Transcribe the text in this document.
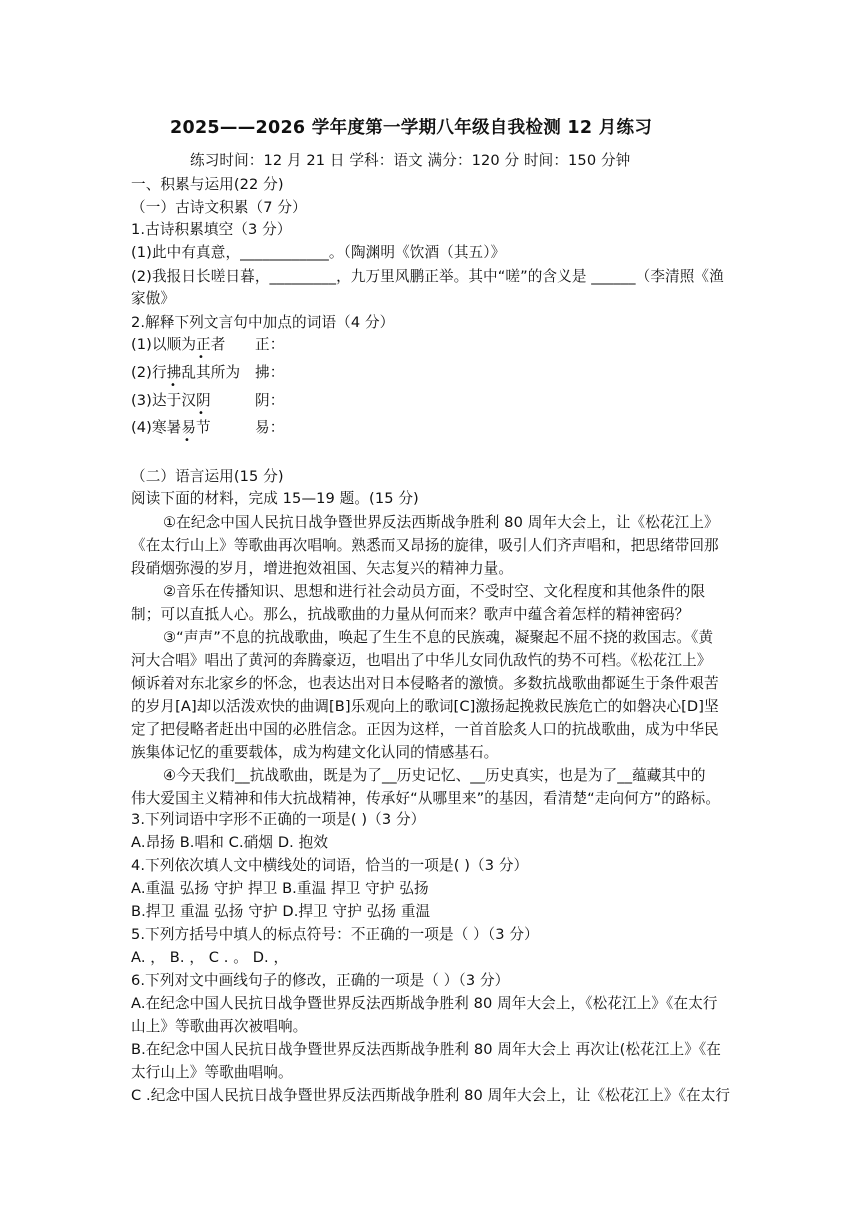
2025——2026 学年度第一学期八年级自我检测 12 月练习
练习时间：12 月 21 日 学科：语文 满分：120 分 时间：150 分钟
一、积累与运用(22 分)
（一）古诗文积累（7 分）
1.古诗积累填空（3 分）
(1)此中有真意，____________。（陶渊明《饮酒（其五）》
(2)我报日长嗟日暮，_________，九万里风鹏正举。其中“嗟”的含义是 ______（李清照《渔
家傲》
2.解释下列文言句中加点的词语（4 分）
(1)以顺为正者 正：
•
(2)行拂乱其所为 拂：
•
(3)达于汉阴	阴：
•
(4)寒暑易节	易：
•
（二）语言运用(15 分)
阅读下面的材料，完成 15—19 题。(15 分)
①在纪念中国人民抗日战争暨世界反法西斯战争胜利 80 周年大会上，让《松花江上》
《在太行山上》等歌曲再次唱响。熟悉而又昂扬的旋律，吸引人们齐声唱和，把思绪带回那
段硝烟弥漫的岁月，增进抱效祖国、矢志复兴的精神力量。
②音乐在传播知识、思想和进行社会动员方面，不受时空、文化程度和其他条件的限
制；可以直抵人心。那么，抗战歌曲的力量从何而来？歌声中蕴含着怎样的精神密码？
③“声声”不息的抗战歌曲，唤起了生生不息的民族魂，凝聚起不屈不挠的救国志。《黄
河大合唱》唱出了黄河的奔腾豪迈，也唱出了中华儿女同仇敌忾的势不可档。《松花江上》
倾诉着对东北家乡的怀念，也表达出对日本侵略者的激愤。多数抗战歌曲都诞生于条件艰苦
的岁月[A]却以活泼欢快的曲调[B]乐观向上的歌词[C]激扬起挽救民族危亡的如磐决心[D]坚
定了把侵略者赶出中国的必胜信念。正因为这样，一首首脍炙人口的抗战歌曲，成为中华民
族集体记忆的重要载体，成为构建文化认同的情感基石。
④今天我们__抗战歌曲，既是为了__历史记忆、__历史真实，也是为了__蕴藏其中的
伟大爱国主义精神和伟大抗战精神，传承好“从哪里来”的基因，看清楚“走向何方”的路标。
3.下列词语中字形不正确的一项是( )（3 分）
A.昂扬 B.唱和 C.硝烟 D. 抱效
4.下列依次填人文中横线处的词语，恰当的一项是( )（3 分）
A.重温 弘扬 守护 捍卫 B.重温 捍卫 守护 弘扬
B.捍卫 重温 弘扬 守护 D.捍卫 守护 弘扬 重温
5.下列方括号中填人的标点符号：不正确的一项是（ ）（3 分）
A. ， B. ， C . 。 D. ，
6.下列对文中画线句子的修改，正确的一项是（ ）（3 分）
A.在纪念中国人民抗日战争暨世界反法西斯战争胜利 80 周年大会上，《松花江上》《在太行
山上》等歌曲再次被唱响。
B.在纪念中国人民抗日战争暨世界反法西斯战争胜利 80 周年大会上 再次让(松花江上》《在
太行山上》等歌曲唱响。
C .纪念中国人民抗日战争暨世界反法西斯战争胜利 80 周年大会上，让《松花江上》《在太行
